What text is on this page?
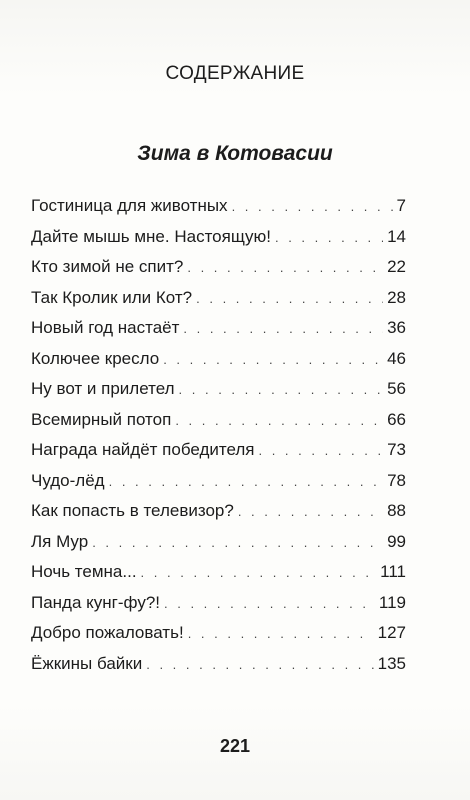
СОДЕРЖАНИЕ
Зима в Котовасии
Гостиница для животных . . .	7
Дайте мышь мне. Настоящую! . . .	14
Кто зимой не спит? . . .	22
Так Кролик или Кот? . . .	28
Новый год настаёт . . .	36
Колючее кресло . . .	46
Ну вот и прилетел . . .	56
Всемирный потоп . . .	66
Награда найдёт победителя . . .	73
Чудо-лёд . . .	78
Как попасть в телевизор? . . .	88
Ля Мур . . .	99
Ночь темна... . . .	111
Панда кунг-фу?! . . .	119
Добро пожаловать! . . .	127
Ёжкины байки . . .	135
221
